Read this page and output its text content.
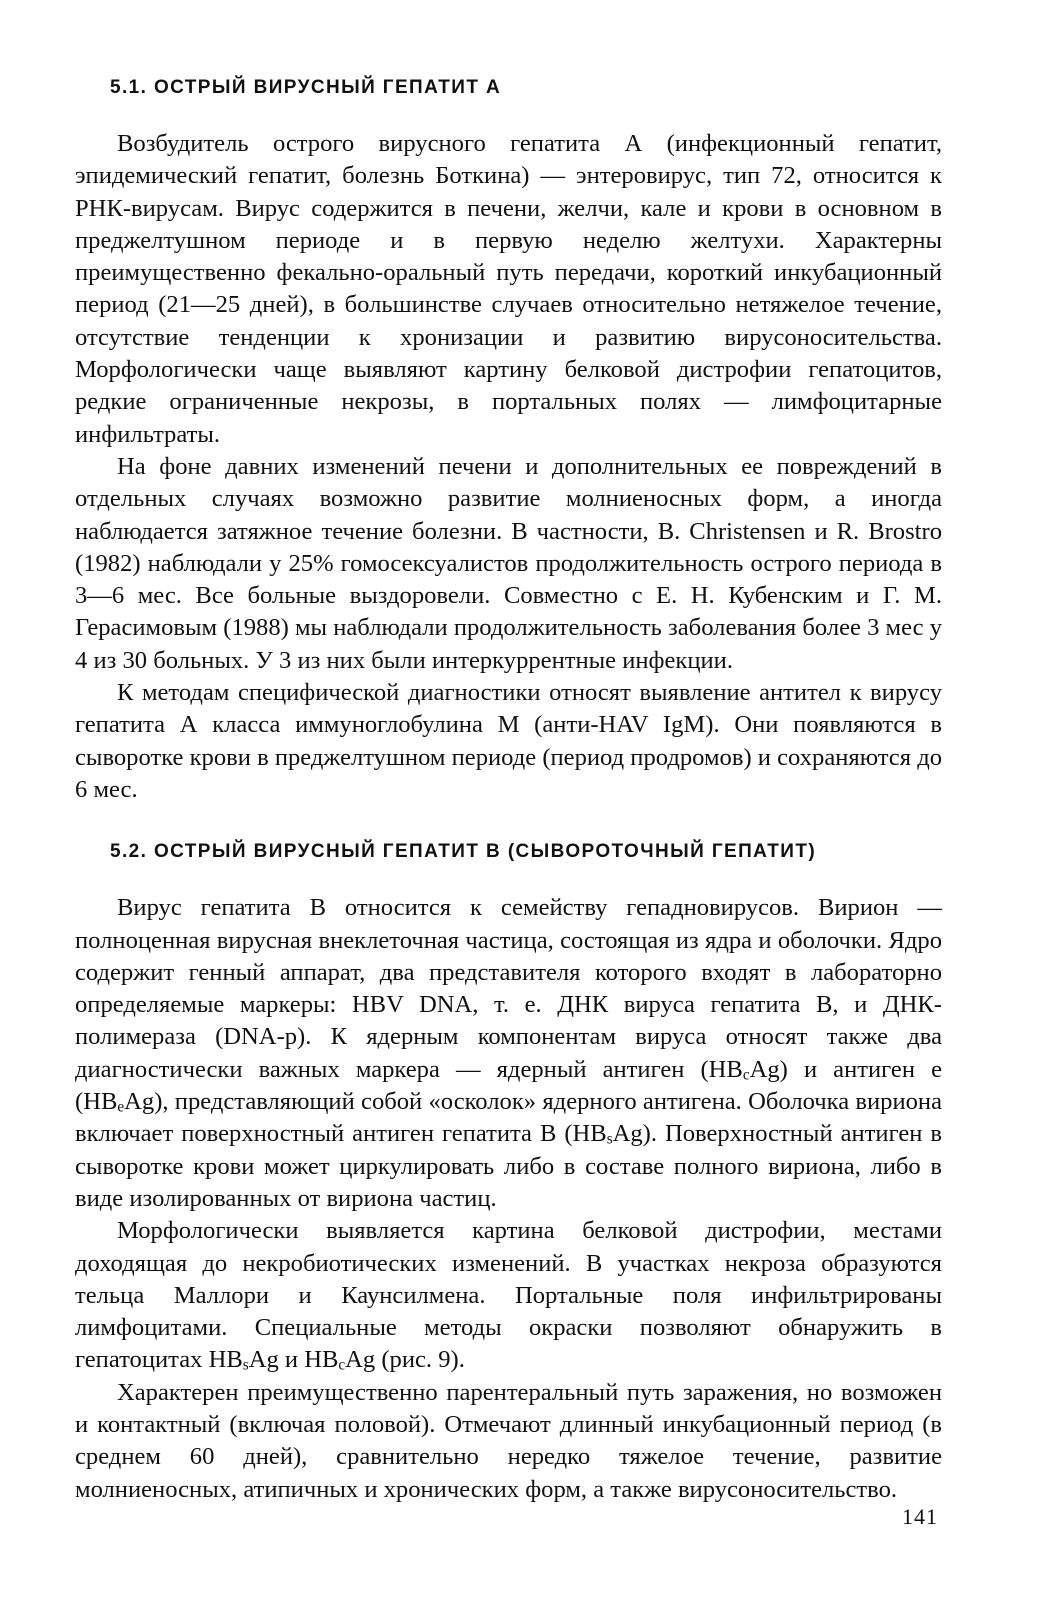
5.1. ОСТРЫЙ ВИРУСНЫЙ ГЕПАТИТ А

Возбудитель острого вирусного гепатита А (инфекционный гепатит, эпидемический гепатит, болезнь Боткина) — энтеровирус, тип 72, относится к РНК-вирусам. Вирус содержится в печени, желчи, кале и крови в основном в преджелтушном периоде и в первую неделю желтухи. Характерны преимущественно фекально-оральный путь передачи, короткий инкубационный период (21—25 дней), в большинстве случаев относительно нетяжелое течение, отсутствие тенденции к хронизации и развитию вирусоносительства. Морфологически чаще выявляют картину белковой дистрофии гепатоцитов, редкие ограниченные некрозы, в портальных полях — лимфоцитарные инфильтраты.

На фоне давних изменений печени и дополнительных ее повреждений в отдельных случаях возможно развитие молниеносных форм, а иногда наблюдается затяжное течение болезни. В частности, B. Christensen и R. Brostro (1982) наблюдали у 25% гомосексуалистов продолжительность острого периода в 3—6 мес. Все больные выздоровели. Совместно с Е. Н. Кубенским и Г. М. Герасимовым (1988) мы наблюдали продолжительность заболевания более 3 мес у 4 из 30 больных. У 3 из них были интеркуррентные инфекции.

К методам специфической диагностики относят выявление антител к вирусу гепатита А класса иммуноглобулина М (анти-HAV IgM). Они появляются в сыворотке крови в преджелтушном периоде (период продромов) и сохраняются до 6 мес.

5.2. ОСТРЫЙ ВИРУСНЫЙ ГЕПАТИТ В (СЫВОРОТОЧНЫЙ ГЕПАТИТ)

Вирус гепатита В относится к семейству гепадновирусов. Вирион — полноценная вирусная внеклеточная частица, состоящая из ядра и оболочки. Ядро содержит генный аппарат, два представителя которого входят в лабораторно определяемые маркеры: HBV DNA, т. е. ДНК вируса гепатита В, и ДНК-полимераза (DNA-р). К ядерным компонентам вируса относят также два диагностически важных маркера — ядерный антиген (HBcAg) и антиген е (HBeAg), представляющий собой «осколок» ядерного антигена. Оболочка вириона включает поверхностный антиген гепатита В (HBsAg). Поверхностный антиген в сыворотке крови может циркулировать либо в составе полного вириона, либо в виде изолированных от вириона частиц.

Морфологически выявляется картина белковой дистрофии, местами доходящая до некробиотических изменений. В участках некроза образуются тельца Маллори и Каунсилмена. Портальные поля инфильтрированы лимфоцитами. Специальные методы окраски позволяют обнаружить в гепатоцитах HBsAg и HBcAg (рис. 9).

Характерен преимущественно парентеральный путь заражения, но возможен и контактный (включая половой). Отмечают длинный инкубационный период (в среднем 60 дней), сравнительно нередко тяжелое течение, развитие молниеносных, атипичных и хронических форм, а также вирусоносительство.

141
